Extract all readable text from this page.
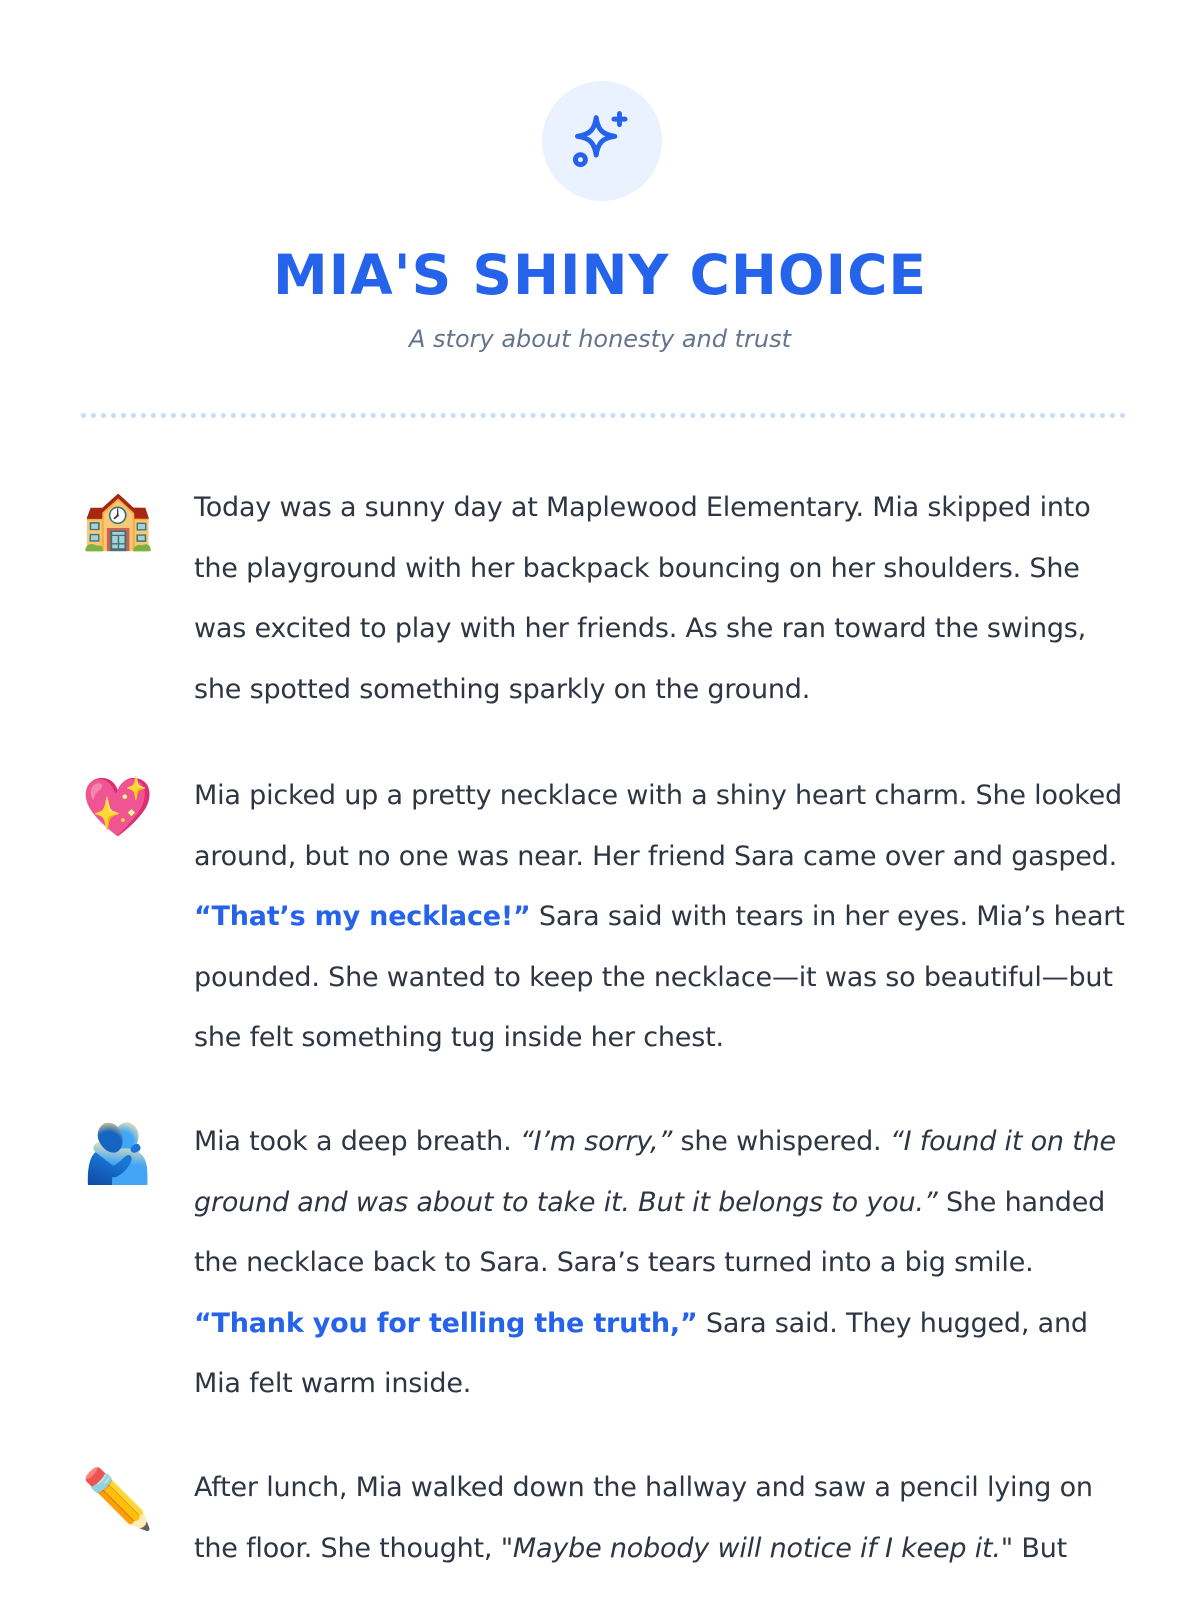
MIA'S SHINY CHOICE
A story about honesty and trust
🏫 Today was a sunny day at Maplewood Elementary. Mia skipped into the playground with her backpack bouncing on her shoulders. She was excited to play with her friends. As she ran toward the swings, she spotted something sparkly on the ground.
💖 Mia picked up a pretty necklace with a shiny heart charm. She looked around, but no one was near. Her friend Sara came over and gasped. “That’s my necklace!” Sara said with tears in her eyes. Mia’s heart pounded. She wanted to keep the necklace—it was so beautiful—but she felt something tug inside her chest.
🫂 Mia took a deep breath. “I’m sorry,” she whispered. “I found it on the ground and was about to take it. But it belongs to you.” She handed the necklace back to Sara. Sara’s tears turned into a big smile. “Thank you for telling the truth,” Sara said. They hugged, and Mia felt warm inside.
✏️ After lunch, Mia walked down the hallway and saw a pencil lying on the floor. She thought, "Maybe nobody will notice if I keep it." But
